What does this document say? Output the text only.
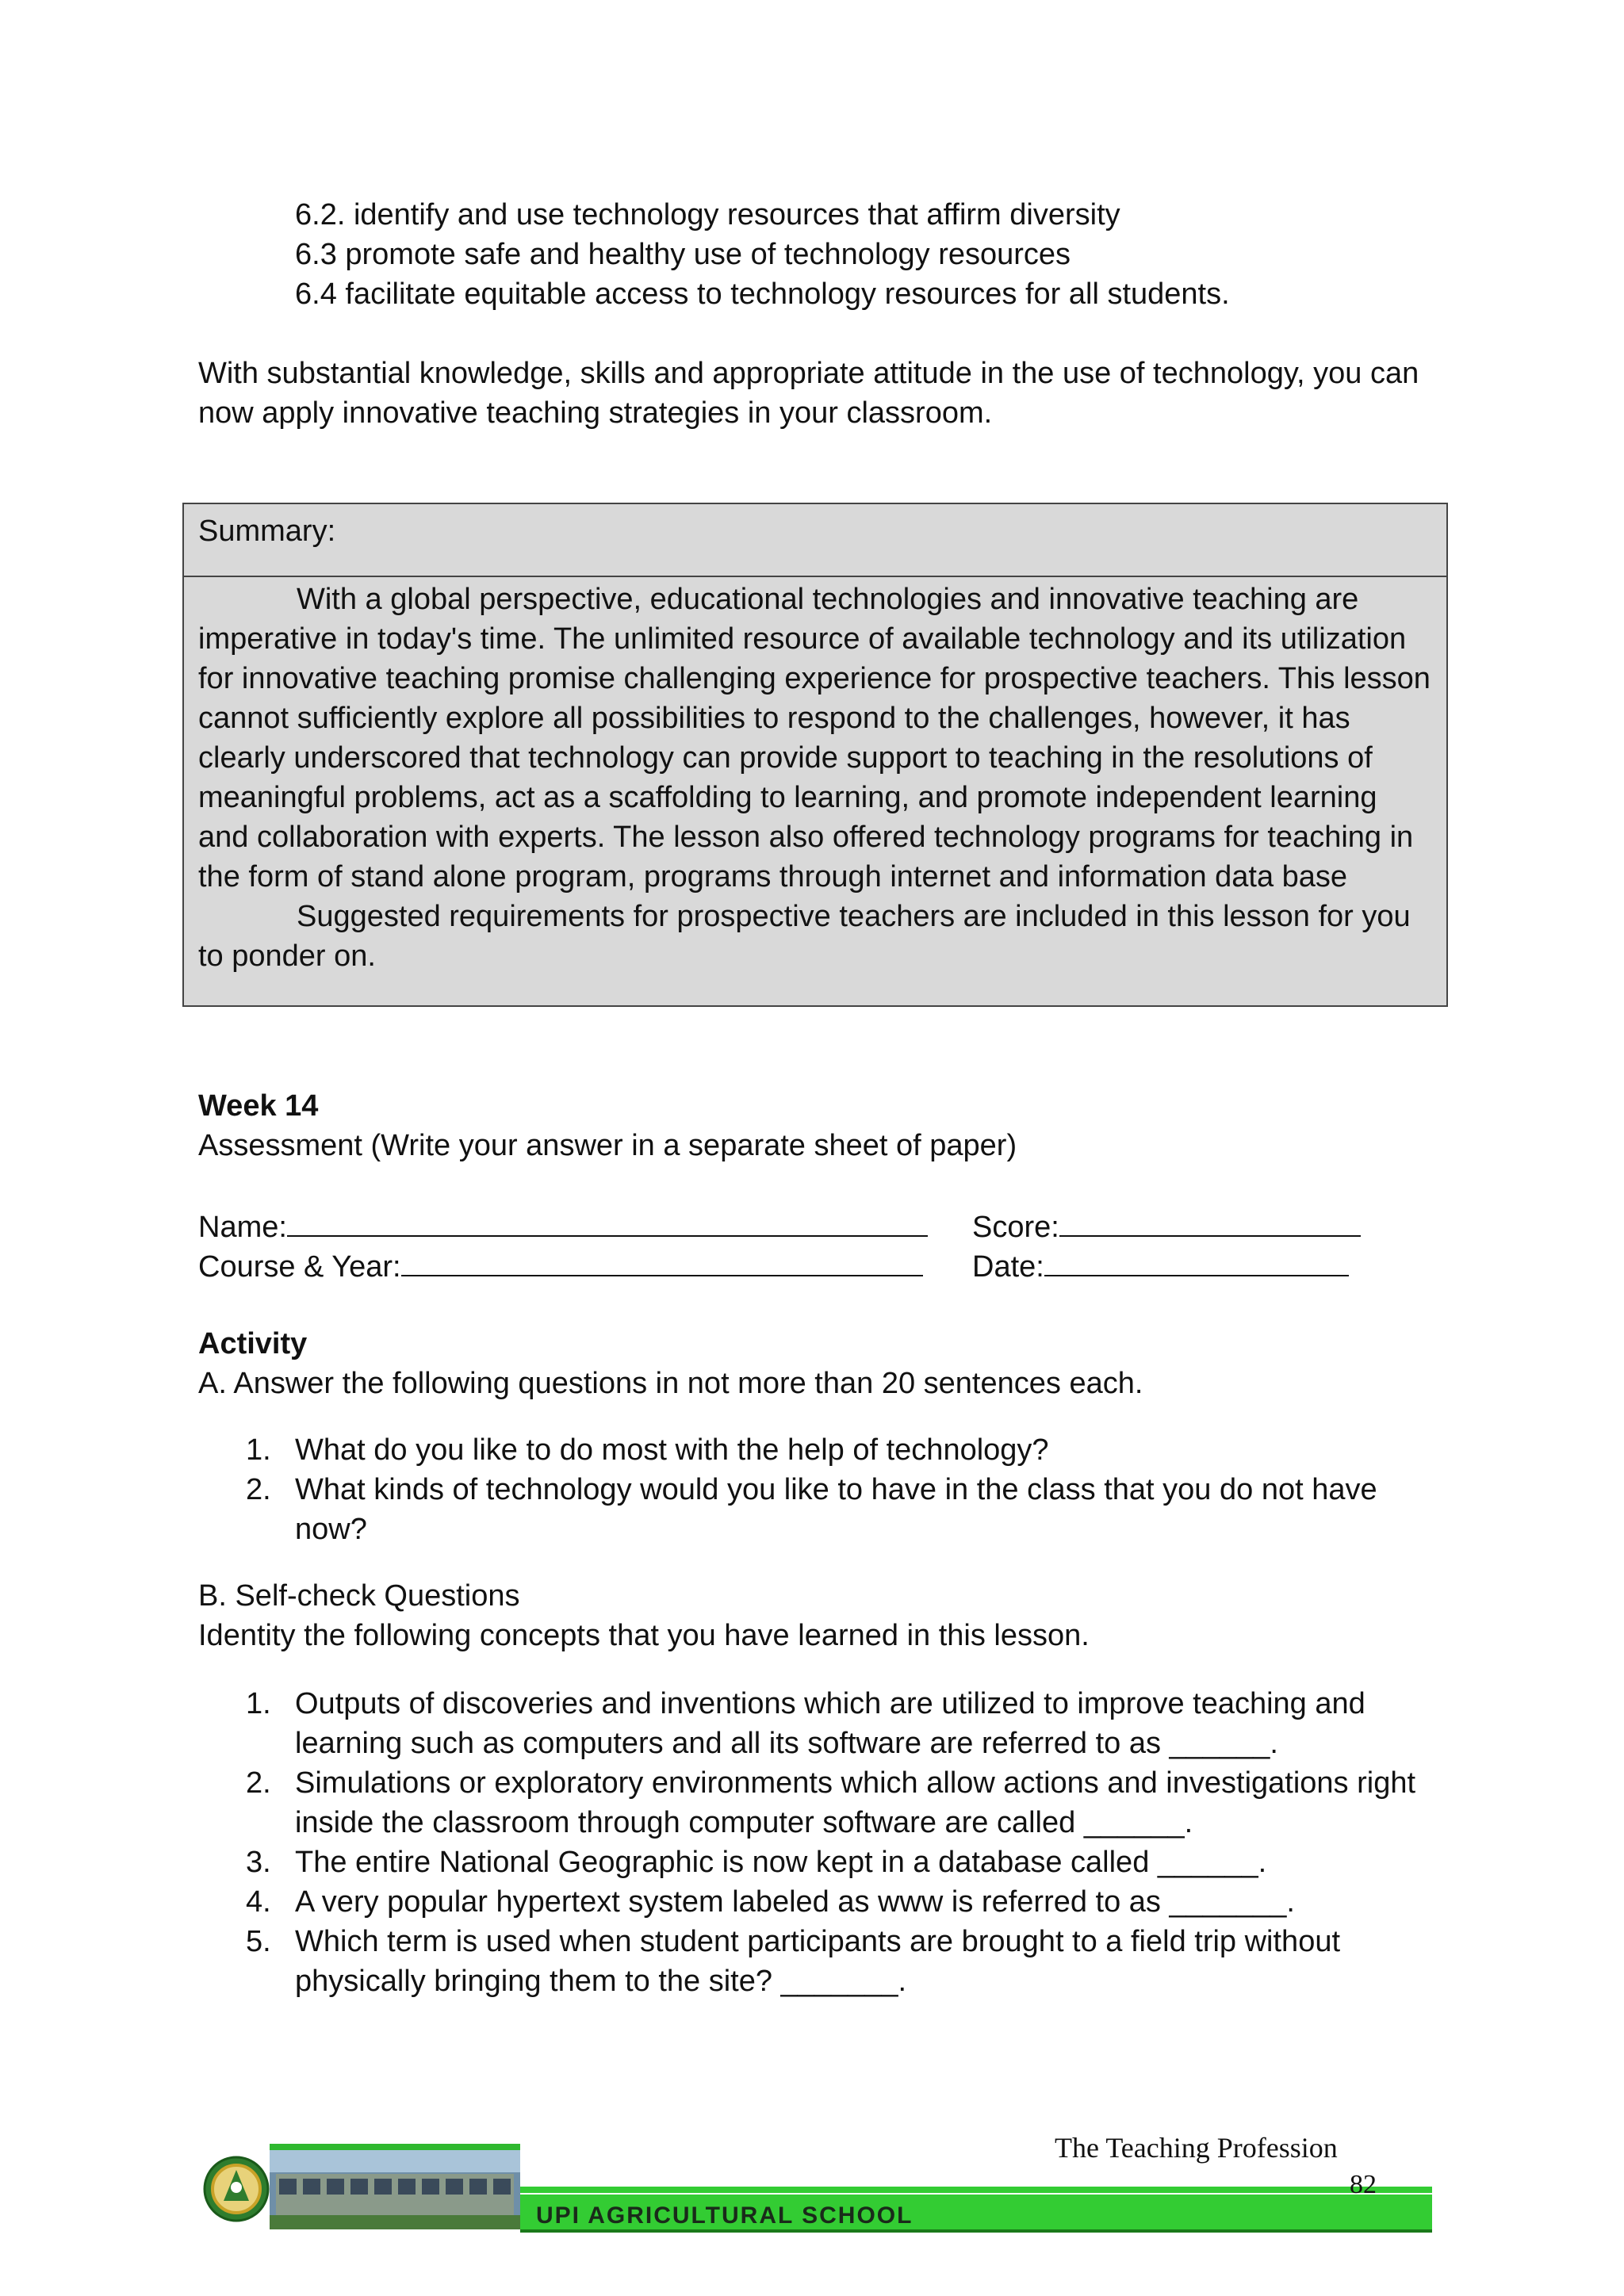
6.2. identify and use technology resources that affirm diversity
6.3 promote safe and healthy use of technology resources
6.4 facilitate equitable access to technology resources for all students.

With substantial knowledge, skills and appropriate attitude in the use of technology, you can

now apply innovative teaching strategies in your classroom.

Summary:
With a global perspective, educational technologies and innovative teaching are
imperative in today's time. The unlimited resource of available technology and its utilization
for innovative teaching promise challenging experience for prospective teachers. This lesson
cannot sufficiently explore all possibilities to respond to the challenges, however, it has
clearly underscored that technology can provide support to teaching in the resolutions of
meaningful problems, act as a scaffolding to learning, and promote independent learning
and collaboration with experts. The lesson also offered technology programs for teaching in
the form of stand alone program, programs through internet and information data base
Suggested requirements for prospective teachers are included in this lesson for you
to ponder on.
Week 14
Assessment (Write your answer in a separate sheet of paper)
Name:
Course & Year:
Score:
Date:
Activity
A. Answer the following questions in not more than 20 sentences each.
1. What do you like to do most with the help of technology?
2. What kinds of technology would you like to have in the class that you do not have
now?
B. Self-check Questions
Identity the following concepts that you have learned in this lesson.
1. Outputs of discoveries and inventions which are utilized to improve teaching and
learning such as computers and all its software are referred to as ______.
2. Simulations or exploratory environments which allow actions and investigations right
inside the classroom through computer software are called ______.
3. The entire National Geographic is now kept in a database called ______.
4. A very popular hypertext system labeled as www is referred to as _______.
5. Which term is used when student participants are brought to a field trip without
physically bringing them to the site? _______.
UPI AGRICULTURAL SCHOOL
The Teaching Profession
82
